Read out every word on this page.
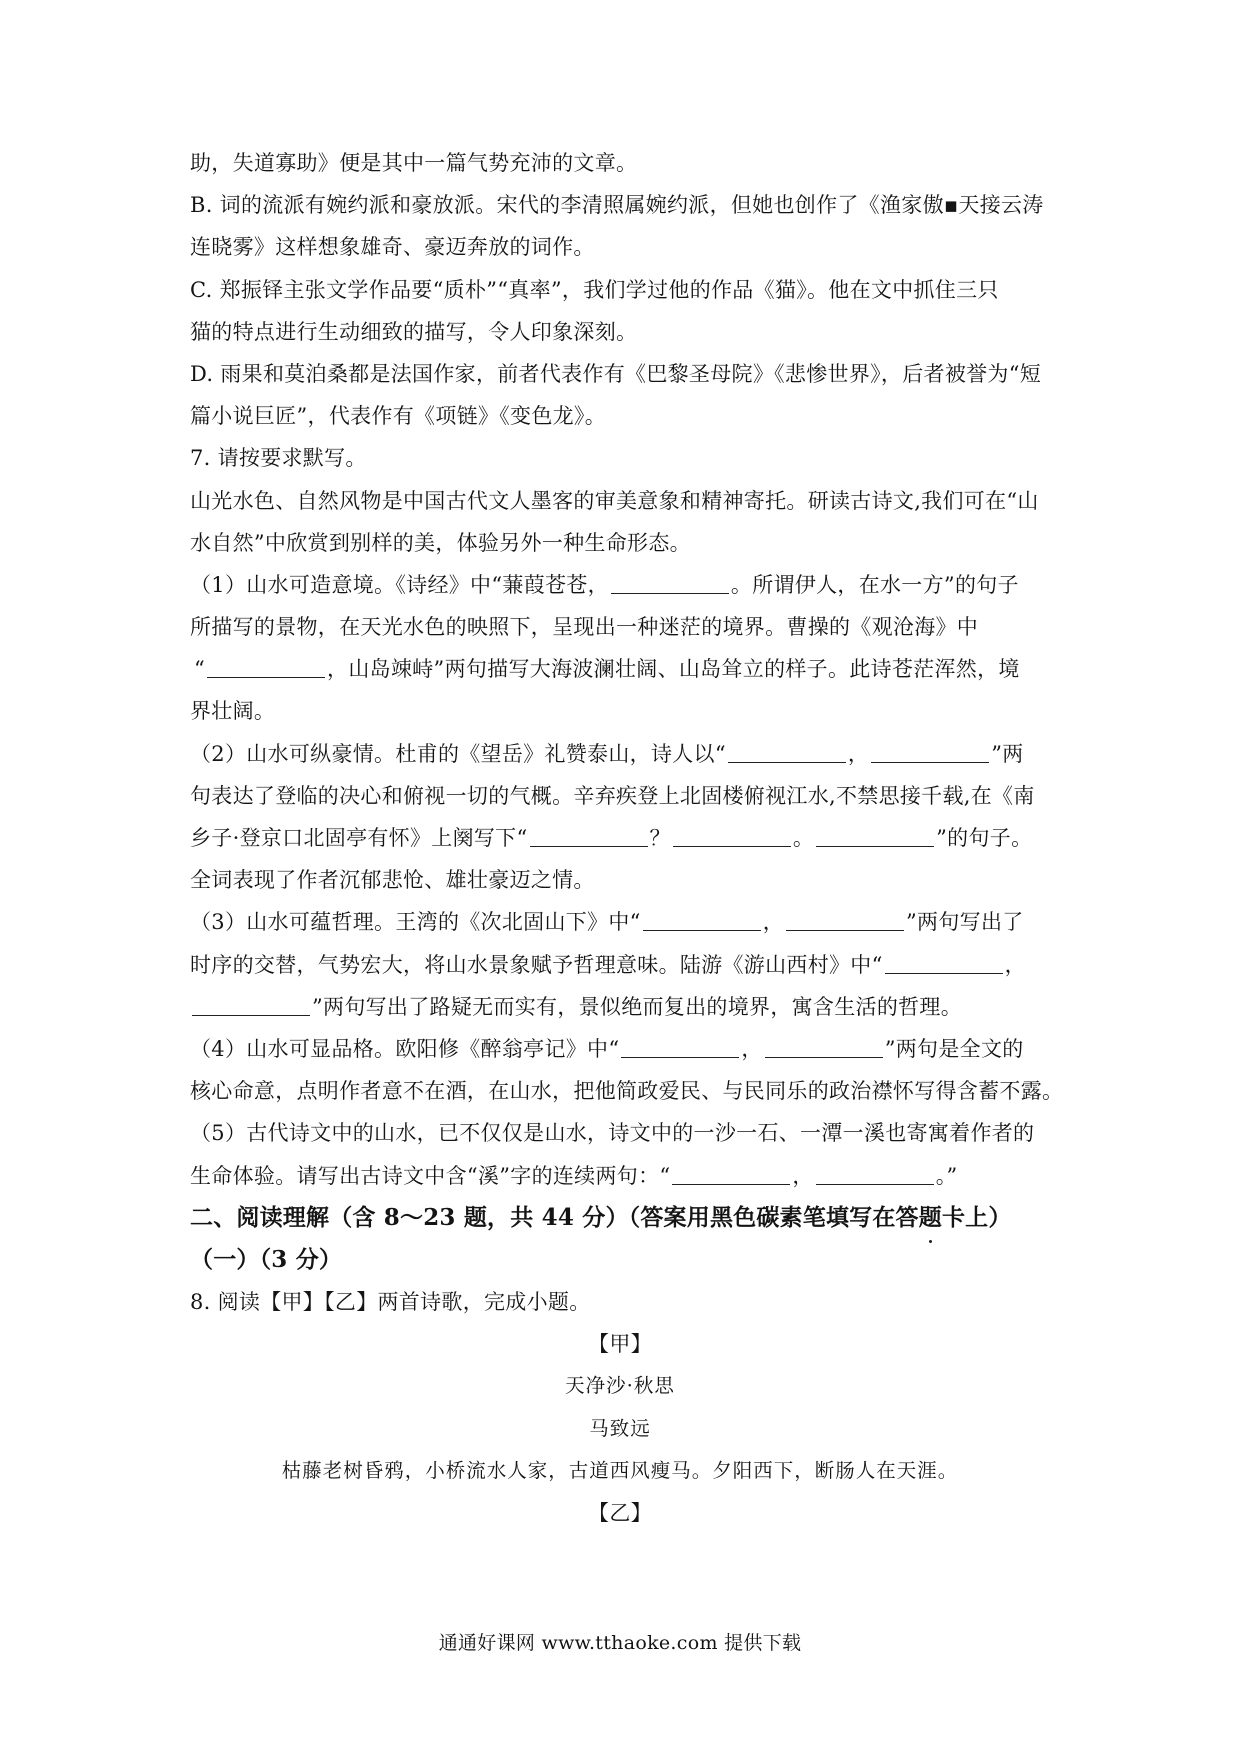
助，失道寡助》便是其中一篇气势充沛的文章。
B. 词的流派有婉约派和豪放派。宋代的李清照属婉约派，但她也创作了《渔家傲▪天接云涛
连晓雾》这样想象雄奇、豪迈奔放的词作。
C. 郑振铎主张文学作品要“质朴”“真率”，我们学过他的作品《猫》。他在文中抓住三只
猫的特点进行生动细致的描写，令人印象深刻。
D. 雨果和莫泊桑都是法国作家，前者代表作有《巴黎圣母院》《悲惨世界》，后者被誉为“短
篇小说巨匠”，代表作有《项链》《变色龙》。
7. 请按要求默写。
山光水色、自然风物是中国古代文人墨客的审美意象和精神寄托。研读古诗文,我们可在“山
水自然”中欣赏到别样的美，体验另外一种生命形态。
（1）山水可造意境。《诗经》中“蒹葭苍苍，	。所谓伊人，在水一方”的句子
所描写的景物，在天光水色的映照下，呈现出一种迷茫的境界。曹操的《观沧海》中
“	，山岛竦峙”两句描写大海波澜壮阔、山岛耸立的样子。此诗苍茫浑然，境
界壮阔。
（2）山水可纵豪情。杜甫的《望岳》礼赞泰山，诗人以“	，	”两
句表达了登临的决心和俯视一切的气概。辛弃疾登上北固楼俯视江水,不禁思接千载,在《南
乡子·登京口北固亭有怀》上阕写下“	？	。	”的句子。
全词表现了作者沉郁悲怆、雄壮豪迈之情。
（3）山水可蕴哲理。王湾的《次北固山下》中“	，	”两句写出了
时序的交替，气势宏大，将山水景象赋予哲理意味。陆游《游山西村》中“	，
”两句写出了路疑无而实有，景似绝而复出的境界，寓含生活的哲理。
（4）山水可显品格。欧阳修《醉翁亭记》中“	，	”两句是全文的
核心命意，点明作者意不在酒，在山水，把他简政爱民、与民同乐的政治襟怀写得含蓄不露。
（5）古代诗文中的山水，已不仅仅是山水，诗文中的一沙一石、一潭一溪也寄寓着作者的
生命体验。请写出古诗文中含“溪”字的连续两句：“	，	。”
二、阅读理解（含 8～23 题，共 44 分）（答案用黑色碳素笔填写在答题卡上）
（一）（3 分）
8. 阅读【甲】【乙】两首诗歌，完成小题。
【甲】
天净沙·秋思
马致远
枯藤老树昏鸦，小桥流水人家，古道西风瘦马。夕阳西下，断肠人在天涯。
【乙】
通通好课网 www.tthaoke.com 提供下载
